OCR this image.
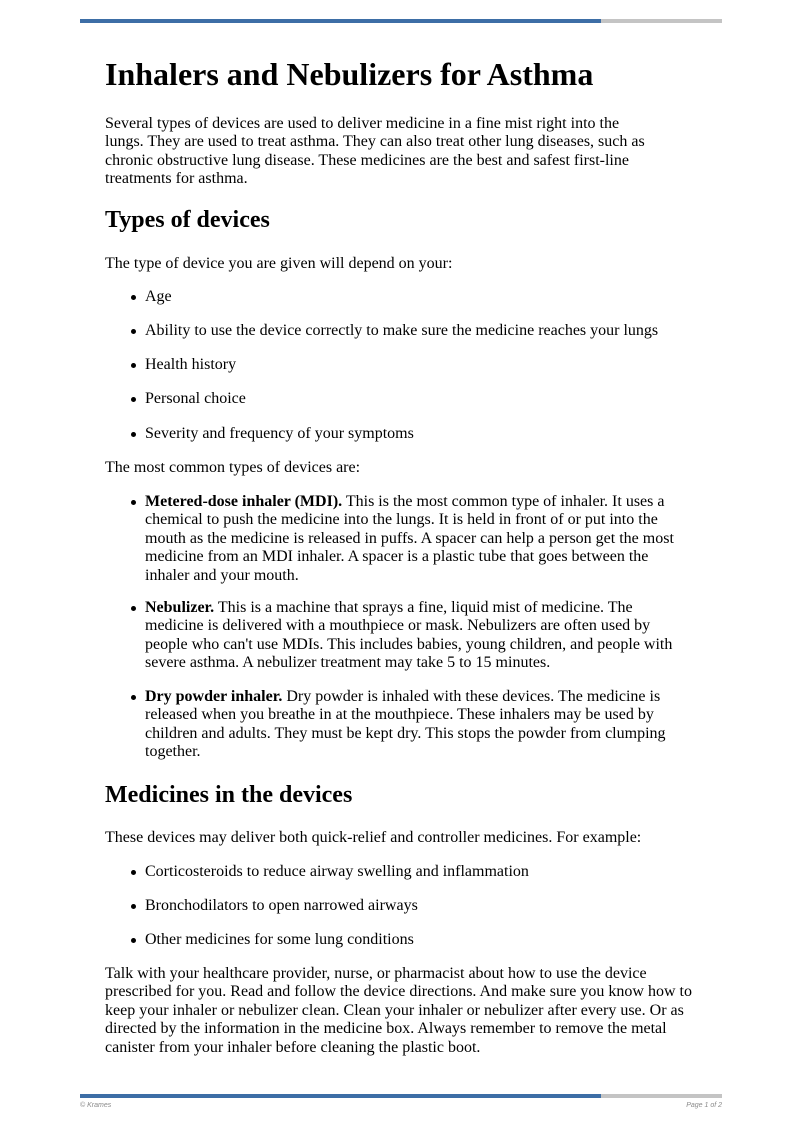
Inhalers and Nebulizers for Asthma

Several types of devices are used to deliver medicine in a fine mist right into the
lungs. They are used to treat asthma. They can also treat other lung diseases, such as
chronic obstructive lung disease. These medicines are the best and safest first-line
treatments for asthma.

Types of devices

The type of device you are given will depend on your:

Age

Ability to use the device correctly to make sure the medicine reaches your lungs

Health history

Personal choice

Severity and frequency of your symptoms

The most common types of devices are:

Metered-dose inhaler (MDI). This is the most common type of inhaler. It uses a
chemical to push the medicine into the lungs. It is held in front of or put into the
mouth as the medicine is released in puffs. A spacer can help a person get the most
medicine from an MDI inhaler. A spacer is a plastic tube that goes between the
inhaler and your mouth.

Nebulizer. This is a machine that sprays a fine, liquid mist of medicine. The
medicine is delivered with a mouthpiece or mask. Nebulizers are often used by
people who can't use MDIs. This includes babies, young children, and people with
severe asthma. A nebulizer treatment may take 5 to 15 minutes.

Dry powder inhaler. Dry powder is inhaled with these devices. The medicine is
released when you breathe in at the mouthpiece. These inhalers may be used by
children and adults. They must be kept dry. This stops the powder from clumping
together.

Medicines in the devices

These devices may deliver both quick-relief and controller medicines. For example:

Corticosteroids to reduce airway swelling and inflammation

Bronchodilators to open narrowed airways

Other medicines for some lung conditions

Talk with your healthcare provider, nurse, or pharmacist about how to use the device
prescribed for you. Read and follow the device directions. And make sure you know how to
keep your inhaler or nebulizer clean. Clean your inhaler or nebulizer after every use. Or as
directed by the information in the medicine box. Always remember to remove the metal
canister from your inhaler before cleaning the plastic boot.

© Krames	Page 1 of 2
